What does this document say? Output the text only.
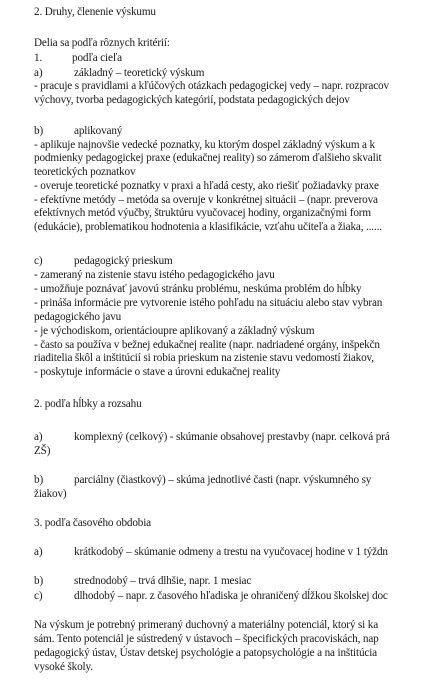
2. Druhy, členenie výskumu
Delia sa podľa rôznych kritérií:
1.	podľa cieľa
a)	základný – teoretický výskum
- pracuje s pravidlami a kľúčových otázkach pedagogickej vedy – napr. rozpracov
výchovy, tvorba pedagogických kategórií, podstata pedagogických dejov
b)	aplikovaný
- aplikuje najnovšie vedecké poznatky, ku ktorým dospel základný výskum a k
podmienky pedagogickej praxe (edukačnej reality) so zámerom ďalšieho skvalit
teoretických poznatkov
- overuje teoretické poznatky v praxi a hľadá cesty, ako riešiť požiadavky praxe
- efektívne metódy – metóda sa overuje v konkrétnej situácii – (napr. preverova
efektívnych metód výučby, štruktúru vyučovacej hodiny, organizačnými form
(edukácie), problematikou hodnotenia a klasifikácie, vzťahu učiteľa a žiaka, ......
c)	pedagogický prieskum
- zameraný na zistenie stavu istého pedagogického javu
- umožňuje poznávať javovú stránku problému, neskúma problém do hĺbky
- prináša informácie pre vytvorenie istého pohľadu na situáciu alebo stav vybran
pedagogického javu
- je východiskom, orientácioupre aplikovaný a základný výskum
- často sa používa v bežnej edukačnej realite (napr. nadriadené orgány, inšpekčn
riaditelia škôl a inštitúcií si robia prieskum na zistenie stavu vedomostí žiakov,
- poskytuje informácie o stave a úrovni edukačnej reality
2. podľa hĺbky a rozsahu
a)	komplexný (celkový) - skúmanie obsahovej prestavby (napr. celková prá
ZŠ)
b)	parciálny (čiastkový) – skúma jednotlivé časti (napr. výskumného sy
žiakov)
3. podľa časového obdobia
a)	krátkodobý – skúmanie odmeny a trestu na vyučovacej hodine v 1 týždn
b)	strednodobý – trvá dlhšie, napr. 1 mesiac
c)	dlhodobý – napr. z časového hľadiska je ohraničený dĺžkou školskej doc
Na výskum je potrebný primeraný duchovný a materiálny potenciál, ktorý si ka
sám. Tento potenciál je sústredený v ústavoch – špecifických pracoviskách, nap
pedagogický ústav, Ústav detskej psychológie a patopsychológie a na inštitúcia
vysoké školy.
